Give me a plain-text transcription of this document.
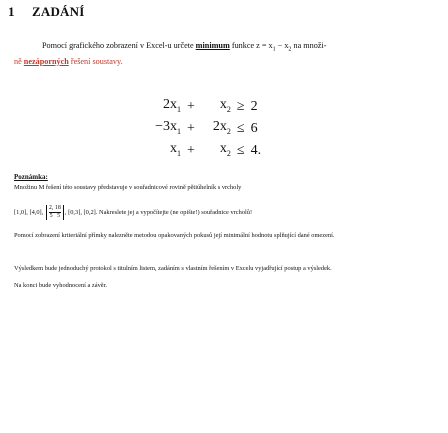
1 ZADÁNÍ
Pomocí grafického zobrazení v Excel-u určete minimum funkce $z = x_1 - x_2$ na množi-
ně nezáporných řešení soustavy.
$2x_1$	+	$x_2$	≥	2
$-3x_1$	+	$2x_2$	≤	6
$x_1$	+	$x_2$	≤	4.
Poznámka:
Množinu M řešení této soustavy představuje v souřadnicové rovině pětiúhelník s vrcholy
[1,0], [4,0], $\frac{2, 18}{5 5}$ , [0,3], [0,2]. Nakreslete jej a vypočítejte (ne opište!) souřadnice vrcholů!
Pomocí zobrazení kriteriální přímky nalezněte metodou opakovaných pokusů její minimální hodnotu splňující dané omezení.
Výsledkem bude jednoduchý protokol s titulním listem, zadáním s vlastním řešením v Excelu vyjadřující postup a výsledek.
Na konci bude vyhodnocení a závěr.
